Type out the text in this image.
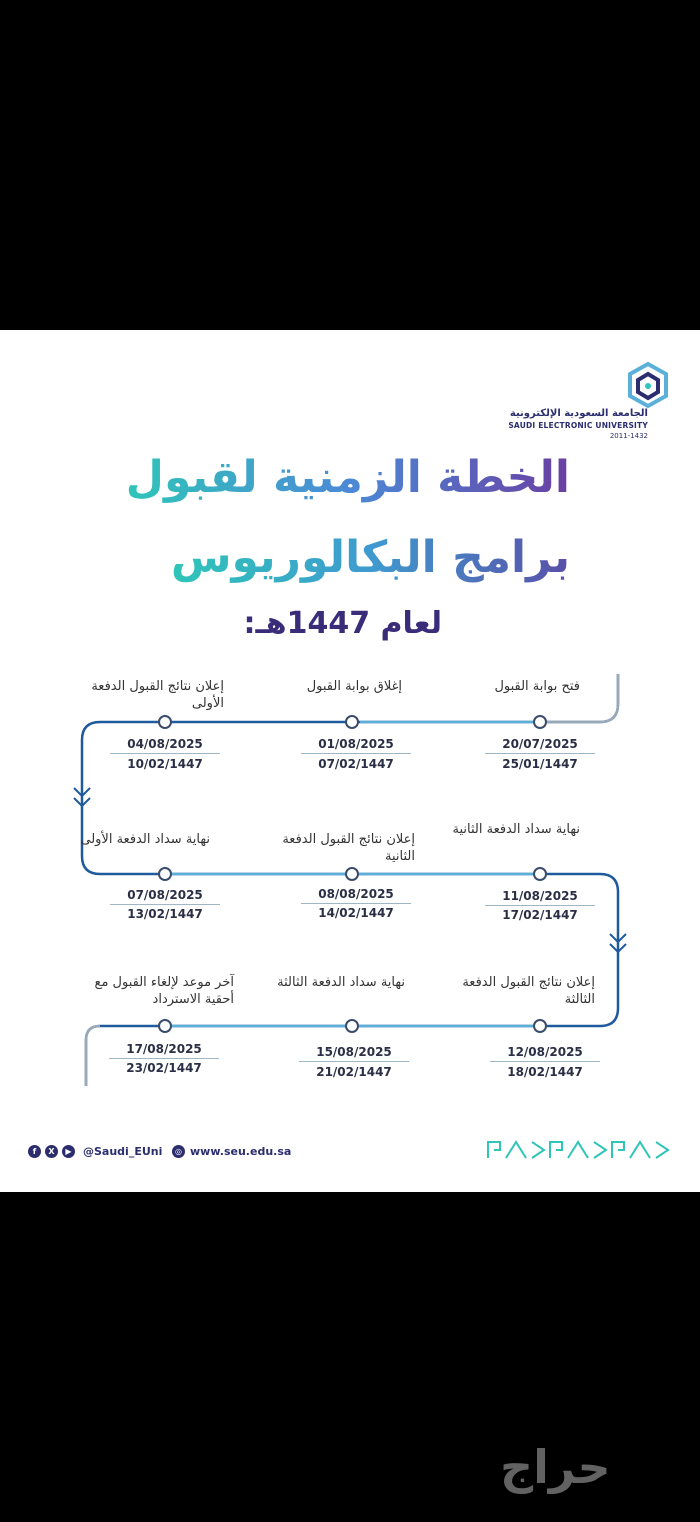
الجامعة السعودية الإلكترونية
SAUDI ELECTRONIC UNIVERSITY
2011-1432
الخطة الزمنية لقبول
برامج البكالوريوس
لعام 1447هـ:
فتح بوابة القبول
إغلاق بوابة القبول
إعلان نتائج القبول الدفعة الأولى
20/07/2025
25/01/1447
01/08/2025
07/02/1447
04/08/2025
10/02/1447
نهاية سداد الدفعة الثانية
إعلان نتائج القبول الدفعة الثانية
نهاية سداد الدفعة الأولى
11/08/2025
17/02/1447
08/08/2025
14/02/1447
07/08/2025
13/02/1447
إعلان نتائج القبول الدفعة الثالثة
نهاية سداد الدفعة الثالثة
آخر موعد لإلغاء القبول مع أحقية الاسترداد
12/08/2025
18/02/1447
15/08/2025
21/02/1447
17/08/2025
23/02/1447
f	X	▶	@Saudi_EUni	◎ www.seu.edu.sa
حراج
